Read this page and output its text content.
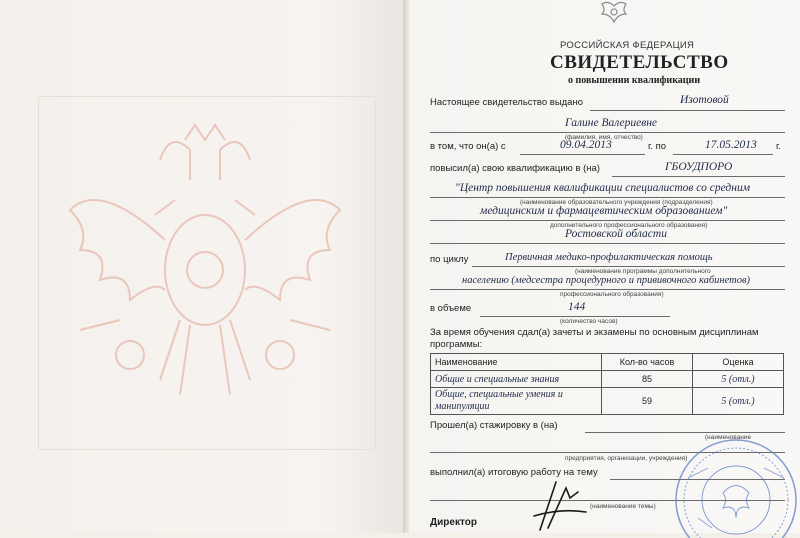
РОССИЙСКАЯ ФЕДЕРАЦИЯ
СВИДЕТЕЛЬСТВО
о повышении квалификации
Настоящее свидетельство выдано	Изотовой
Галине Валериевне
(фамилия, имя, отчество)
в том, что он(а) с	09.04.2013	г. по	17.05.2013 г.
повысил(а) свою квалификацию в (на)	ГБОУДПОРО
"Центр повышения квалификации специалистов со средним
(наименование образовательного учреждения (подразделения)
медицинским и фармацевтическим образованием"
дополнительного профессионального образования)
Ростовской области
по циклу	Первичная медико-профилактическая помощь
(наименование программы дополнительного
населению (медсестра процедурного и прививочного кабинетов)
профессионального образования)
в объеме	144
(количество часов)
За время обучения сдал(а) зачеты и экзамены по основным дисциплинам
программы:
Наименование	Кол-во часов	Оценка
Общие и специальные знания	85	5 (отл.)
Общие, специальные умения и манипуляции	59	5 (отл.)
Прошел(а) стажировку в (на)
(наименование
предприятия, организации, учреждения)
выполнил(а) итоговую работу на тему
(наименование темы)
Директор
